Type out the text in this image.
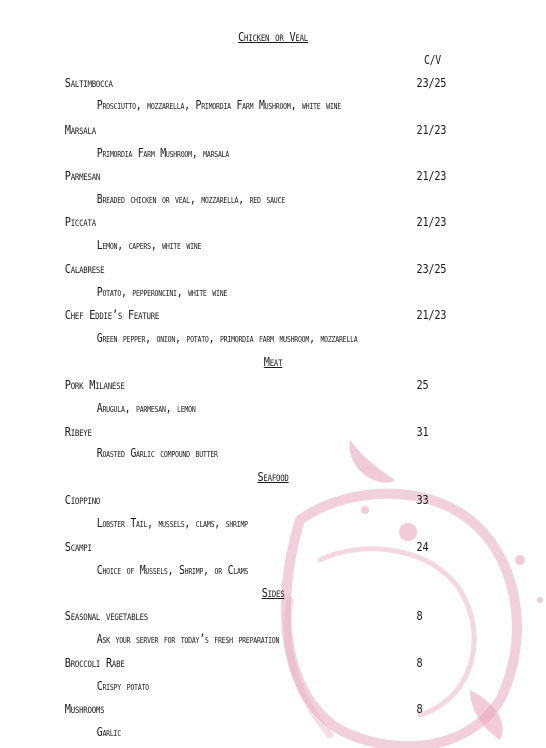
Chicken or Veal
C/V
Saltimbocca	23/25
Prosciutto, mozzarella, Primordia Farm Mushroom, white wine
Marsala	21/23
Primordia Farm Mushroom, marsala
Parmesan	21/23
Breaded chicken or veal, mozzarella, red sauce
Piccata	21/23
Lemon, capers, white wine
Calabrese	23/25
Potato, pepperoncini, white wine
Chef Eddie’s Feature	21/23
Green pepper, onion, potato, primordia farm mushroom, mozzarella
Meat
Pork Milanese	25
Arugula, parmesan, lemon
Ribeye	31
Roasted Garlic compound butter
Seafood
Cioppino	33
Lobster Tail, mussels, clams, shrimp
Scampi	24
Choice of Mussels, Shrimp, or Clams
Sides
Seasonal vegetables	8
Ask your server for today’s fresh preparation
Broccoli Rabe	8
Crispy potato
Mushrooms	8
Garlic
